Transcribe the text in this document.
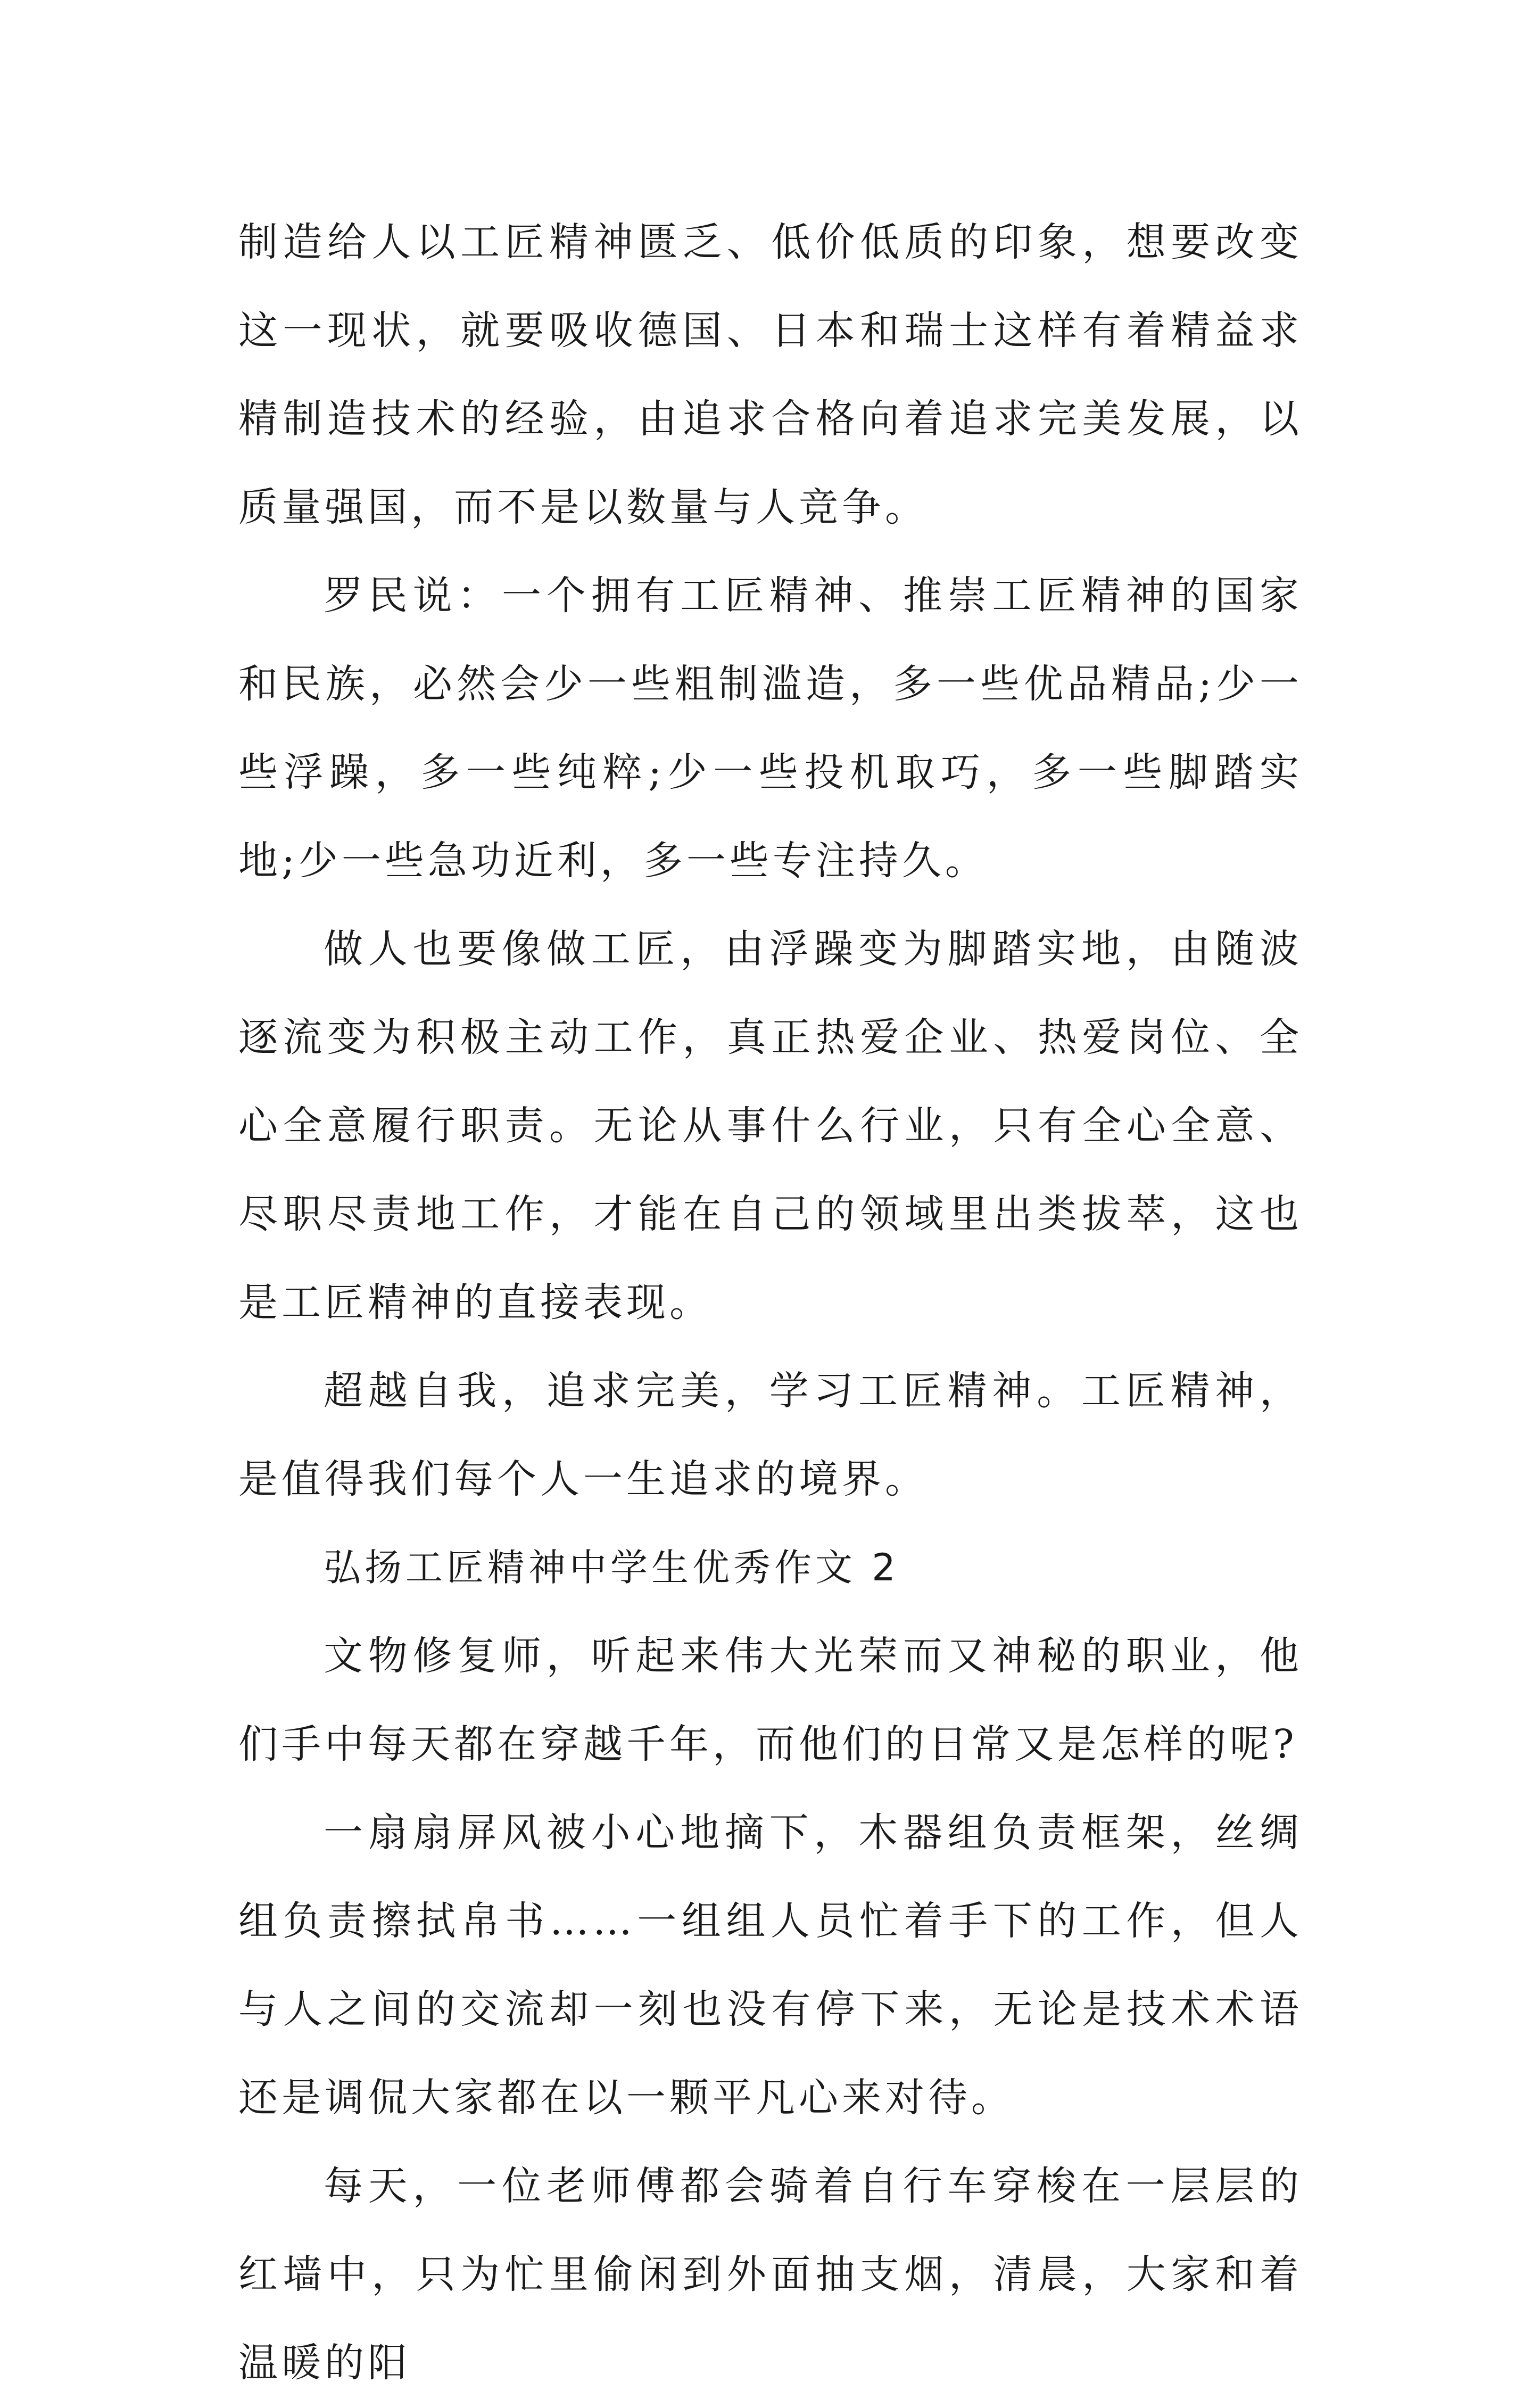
制造给人以工匠精神匮乏、低价低质的印象，想要改变这一现状，就要吸收德国、日本和瑞士这样有着精益求精制造技术的经验，由追求合格向着追求完美发展，以质量强国，而不是以数量与人竞争。

罗民说：一个拥有工匠精神、推崇工匠精神的国家和民族，必然会少一些粗制滥造，多一些优品精品;少一些浮躁，多一些纯粹;少一些投机取巧，多一些脚踏实地;少一些急功近利，多一些专注持久。

做人也要像做工匠，由浮躁变为脚踏实地，由随波逐流变为积极主动工作，真正热爱企业、热爱岗位、全心全意履行职责。无论从事什么行业，只有全心全意、尽职尽责地工作，才能在自己的领域里出类拔萃，这也是工匠精神的直接表现。

超越自我，追求完美，学习工匠精神。工匠精神，是值得我们每个人一生追求的境界。

弘扬工匠精神中学生优秀作文 2

文物修复师，听起来伟大光荣而又神秘的职业，他们手中每天都在穿越千年，而他们的日常又是怎样的呢?

一扇扇屏风被小心地摘下，木器组负责框架，丝绸组负责擦拭帛书……一组组人员忙着手下的工作，但人与人之间的交流却一刻也没有停下来，无论是技术术语还是调侃大家都在以一颗平凡心来对待。

每天，一位老师傅都会骑着自行车穿梭在一层层的红墙中，只为忙里偷闲到外面抽支烟，清晨，大家和着温暖的阳
